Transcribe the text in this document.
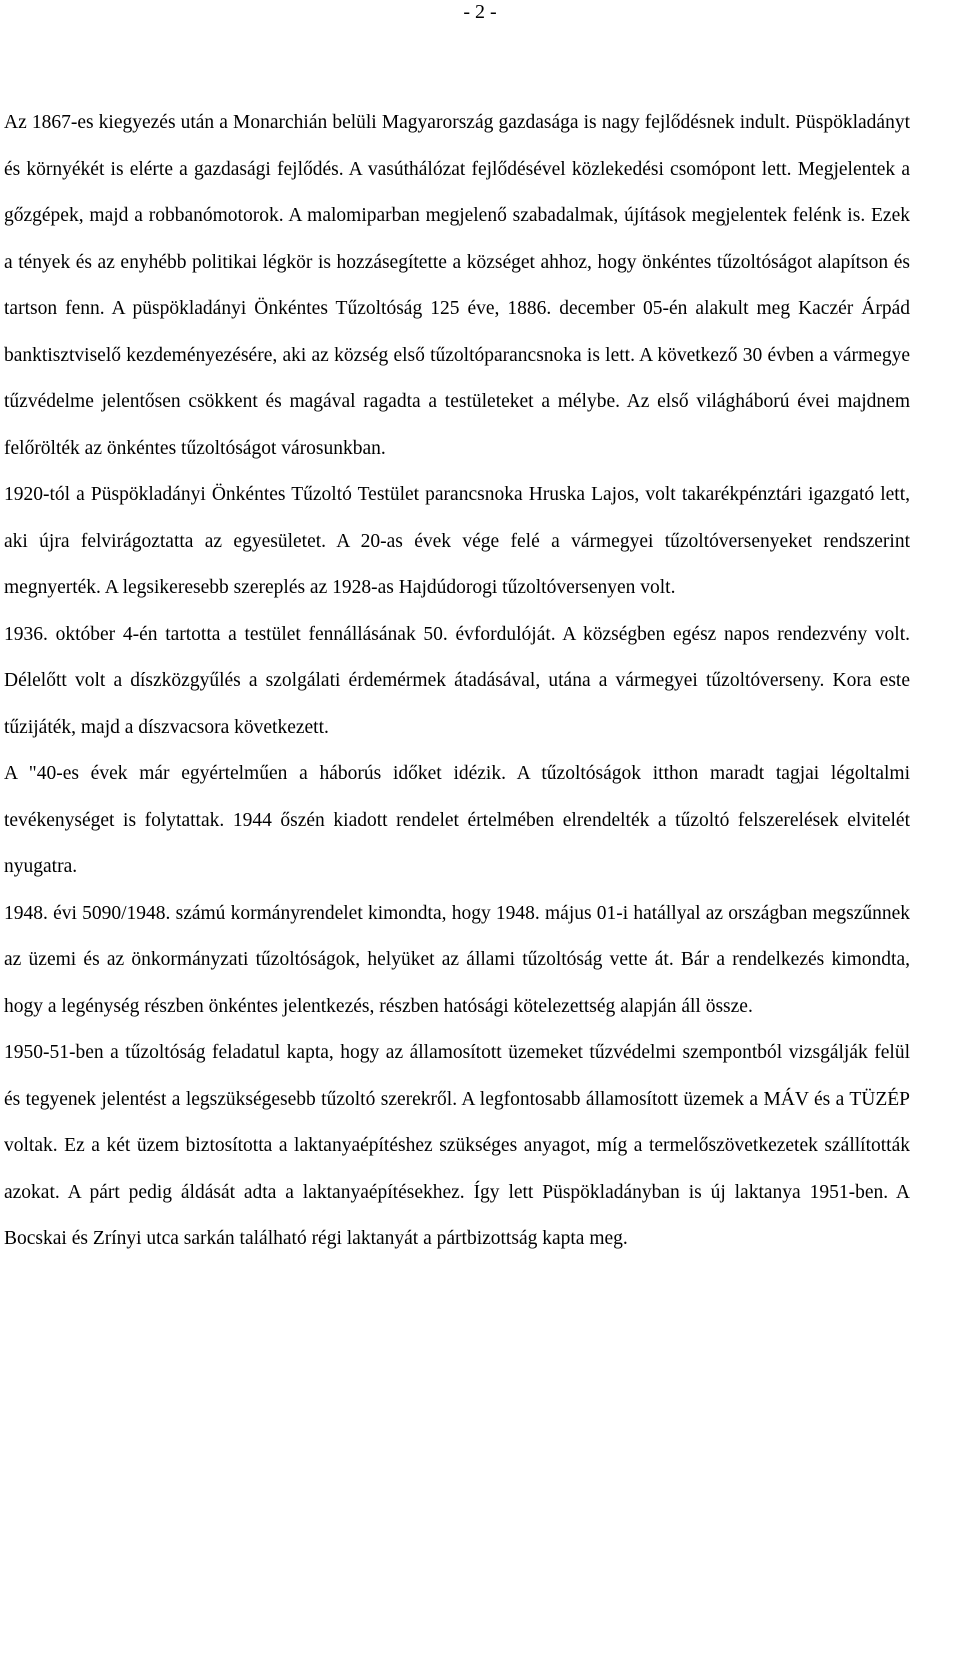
- 2 -

Az 1867-es kiegyezés után a Monarchián belüli Magyarország gazdasága is nagy fejlődésnek indult. Püspökladányt és környékét is elérte a gazdasági fejlődés. A vasúthálózat fejlődésével közlekedési csomópont lett. Megjelentek a gőzgépek, majd a robbanómotorok. A malomiparban megjelenő szabadalmak, újítások megjelentek felénk is. Ezek a tények és az enyhébb politikai légkör is hozzásegítette a községet ahhoz, hogy önkéntes tűzoltóságot alapítson és tartson fenn. A püspökladányi Önkéntes Tűzoltóság 125 éve, 1886. december 05-én alakult meg Kaczér Árpád banktisztviselő kezdeményezésére, aki az község első tűzoltóparancsnoka is lett. A következő 30 évben a vármegye tűzvédelme jelentősen csökkent és magával ragadta a testületeket a mélybe. Az első világháború évei majdnem felőrölték az önkéntes tűzoltóságot városunkban.

1920-tól a Püspökladányi Önkéntes Tűzoltó Testület parancsnoka Hruska Lajos, volt takarékpénztári igazgató lett, aki újra felvirágoztatta az egyesületet. A 20-as évek vége felé a vármegyei tűzoltóversenyeket rendszerint megnyerték. A legsikeresebb szereplés az 1928-as Hajdúdorogi tűzoltóversenyen volt.

1936. október 4-én tartotta a testület fennállásának 50. évfordulóját. A községben egész napos rendezvény volt. Délelőtt volt a díszközgyűlés a szolgálati érdemérmek átadásával, utána a vármegyei tűzoltóverseny. Kora este tűzijáték, majd a díszvacsora következett.

A "40-es évek már egyértelműen a háborús időket idézik. A tűzoltóságok itthon maradt tagjai légoltalmi tevékenységet is folytattak. 1944 őszén kiadott rendelet értelmében elrendelték a tűzoltó felszerelések elvitelét nyugatra.

1948. évi 5090/1948. számú kormányrendelet kimondta, hogy 1948. május 01-i hatállyal az országban megszűnnek az üzemi és az önkormányzati tűzoltóságok, helyüket az állami tűzoltóság vette át. Bár a rendelkezés kimondta, hogy a legénység részben önkéntes jelentkezés, részben hatósági kötelezettség alapján áll össze.

1950-51-ben a tűzoltóság feladatul kapta, hogy az államosított üzemeket tűzvédelmi szempontból vizsgálják felül és tegyenek jelentést a legszükségesebb tűzoltó szerekről. A legfontosabb államosított üzemek a MÁV és a TÜZÉP voltak. Ez a két üzem biztosította a laktanyaépítéshez szükséges anyagot, míg a termelőszövetkezetek szállították azokat. A párt pedig áldását adta a laktanyaépítésekhez. Így lett Püspökladányban is új laktanya 1951-ben. A Bocskai és Zrínyi utca sarkán található régi laktanyát a pártbizottság kapta meg.
